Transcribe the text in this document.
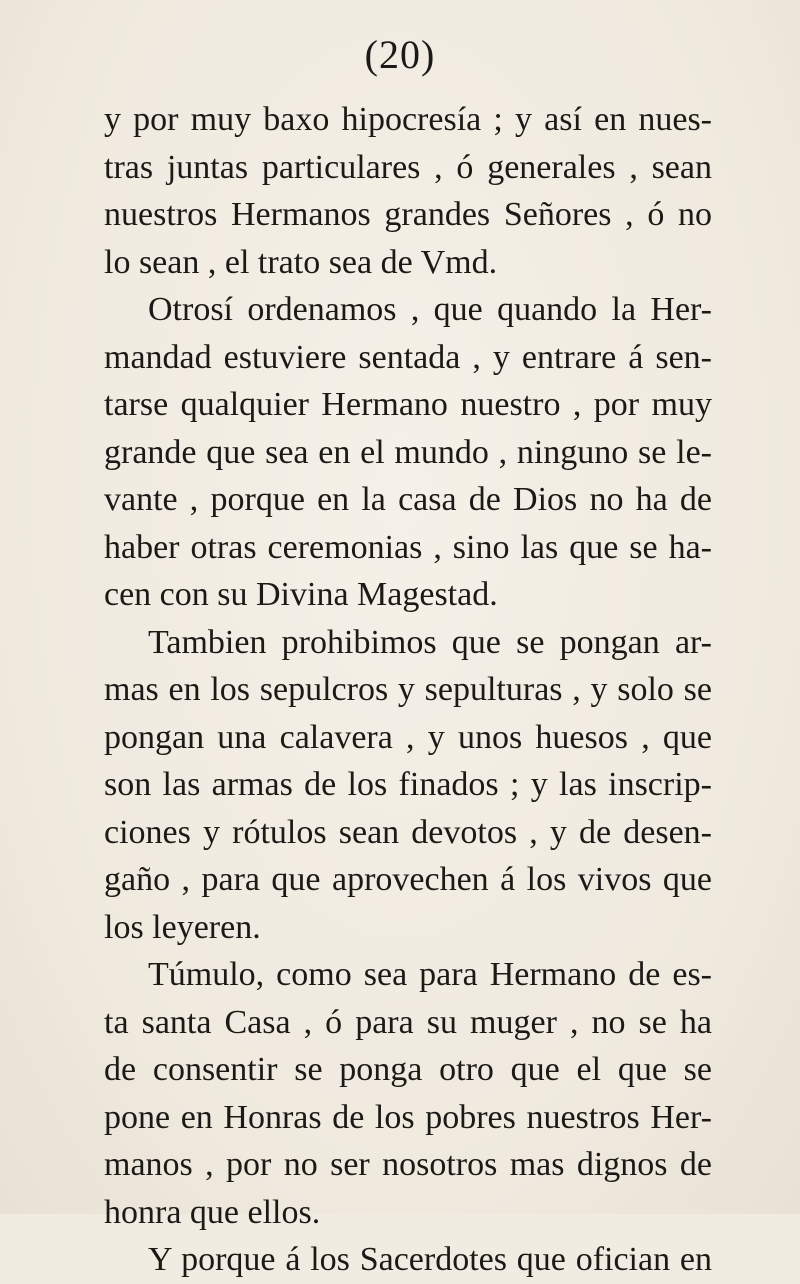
(20)
y por muy baxo hipocresía ; y así en nues-
tras juntas particulares , ó generales , sean
nuestros Hermanos grandes Señores , ó no
lo sean , el trato sea de Vmd.
Otrosí ordenamos , que quando la Her-
mandad estuviere sentada , y entrare á sen-
tarse qualquier Hermano nuestro , por muy
grande que sea en el mundo , ninguno se le-
vante , porque en la casa de Dios no ha de
haber otras ceremonias , sino las que se ha-
cen con su Divina Magestad.
Tambien prohibimos que se pongan ar-
mas en los sepulcros y sepulturas , y solo se
pongan una calavera , y unos huesos , que
son las armas de los finados ; y las inscrip-
ciones y rótulos sean devotos , y de desen-
gaño , para que aprovechen á los vivos que
los leyeren.
Túmulo, como sea para Hermano de es-
ta santa Casa , ó para su muger , no se ha
de consentir se ponga otro que el que se
pone en Honras de los pobres nuestros Her-
manos , por no ser nosotros mas dignos de
honra que ellos.
Y porque á los Sacerdotes que ofician en
